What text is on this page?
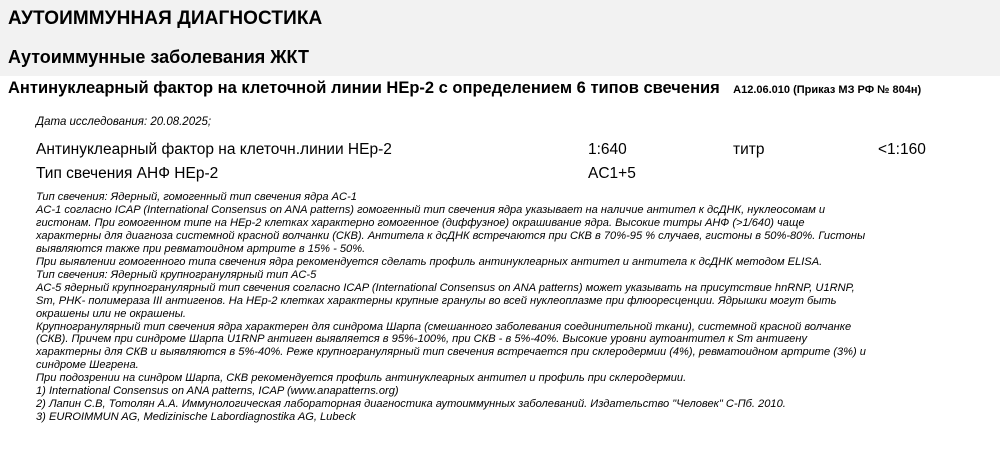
АУТОИММУННАЯ ДИАГНОСТИКА
Аутоиммунные заболевания ЖКТ
Антинуклеарный фактор на клеточной линии HEp-2 с определением 6 типов свечения A12.06.010 (Приказ МЗ РФ № 804н)
Дата исследования: 20.08.2025;
Антинуклеарный фактор на клеточн.линии HEp-2	1:640	титр	<1:160
Тип свечения АНФ HEp-2	AC1+5
Тип свечения: Ядерный, гомогенный тип свечения ядра AC-1
AC-1 согласно ICAP (International Consensus on ANA patterns) гомогенный тип свечения ядра указывает на наличие антител к дсДНК, нуклеосомам и
гистонам. При гомогенном типе на HEp-2 клетках характерно гомогенное (диффузное) окрашивание ядра. Высокие титры АНФ (>1/640) чаще
характерны для диагноза системной красной волчанки (СКВ). Антитела к дсДНК встречаются при СКВ в 70%-95 % случаев, гистоны в 50%-80%. Гистоны
выявляются также при ревматоидном артрите в 15% - 50%.
При выявлении гомогенного типа свечения ядра рекомендуется сделать профиль антинуклеарных антител и антитела к дсДНК методом ELISA.
Тип свечения: Ядерный крупногранулярный тип AC-5
AC-5 ядерный крупногранулярный тип свечения согласно ICAP (International Consensus on ANA patterns) может указывать на присутствие hnRNP, U1RNP,
Sm, PHK- полимераза III антигенов. На HEp-2 клетках характерны крупные гранулы во всей нуклеоплазме при флюоресценции. Ядрышки могут быть
окрашены или не окрашены.
Крупногранулярный тип свечения ядра характерен для синдрома Шарпа (смешанного заболевания соединительной ткани), системной красной волчанке
(СКВ). Причем при синдроме Шарпа U1RNP антиген выявляется в 95%-100%, при СКВ - в 5%-40%. Высокие уровни аутоантител к Sm антигену
характерны для СКВ и выявляются в 5%-40%. Реже крупногранулярный тип свечения встречается при склеродермии (4%), ревматоидном артрите (3%) и
синдроме Шегрена.
При подозрении на синдром Шарпа, СКВ рекомендуется профиль антинуклеарных антител и профиль при склеродермии.
1) International Consensus on ANA patterns, ICAP (www.anapatterns.org)
2) Лапин С.В, Тотолян А.А. Иммунологическая лабораторная диагностика аутоиммунных заболеваний. Издательство "Человек" С-Пб. 2010.
3) EUROIMMUN AG, Medizinische Labordiagnostika AG, Lubeck
